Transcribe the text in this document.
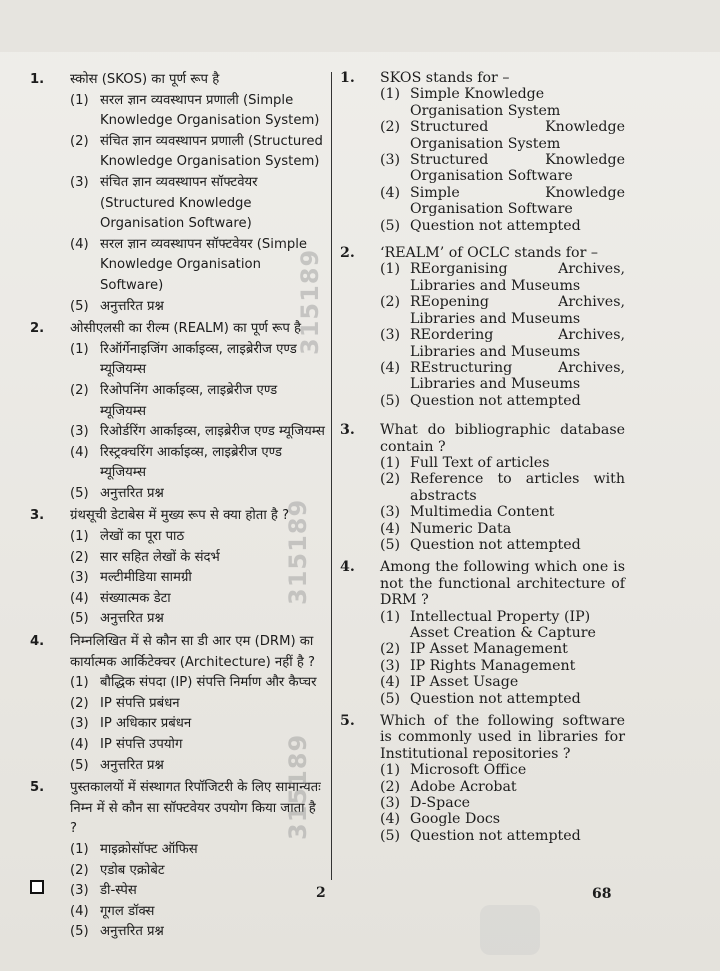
1. स्कोस (SKOS) का पूर्ण रूप है
(1) सरल ज्ञान व्यवस्थापन प्रणाली (Simple Knowledge Organisation System)
(2) संचित ज्ञान व्यवस्थापन प्रणाली (Structured Knowledge Organisation System)
(3) संचित ज्ञान व्यवस्थापन सॉफ्टवेयर (Structured Knowledge Organisation Software)
(4) सरल ज्ञान व्यवस्थापन सॉफ्टवेयर (Simple Knowledge Organisation Software)
(5) अनुत्तरित प्रश्न
2. ओसीएलसी का रील्म (REALM) का पूर्ण रूप है
(1) रिऑर्गेनाइजिंग आर्काइव्स, लाइब्रेरीज एण्ड म्यूजियम्स
(2) रिओपनिंग आर्काइव्स, लाइब्रेरीज एण्ड म्यूजियम्स
(3) रिओर्डरिंग आर्काइव्स, लाइब्रेरीज एण्ड म्यूजियम्स
(4) रिस्ट्रक्चरिंग आर्काइव्स, लाइब्रेरीज एण्ड म्यूजियम्स
(5) अनुत्तरित प्रश्न
3. ग्रंथसूची डेटाबेस में मुख्य रूप से क्या होता है ?
(1) लेखों का पूरा पाठ
(2) सार सहित लेखों के संदर्भ
(3) मल्टीमीडिया सामग्री
(4) संख्यात्मक डेटा
(5) अनुत्तरित प्रश्न
4. निम्नलिखित में से कौन सा डी आर एम (DRM) का कार्यात्मक आर्किटेक्चर (Architecture) नहीं है ?
(1) बौद्धिक संपदा (IP) संपत्ति निर्माण और कैप्चर
(2) IP संपत्ति प्रबंधन
(3) IP अधिकार प्रबंधन
(4) IP संपत्ति उपयोग
(5) अनुत्तरित प्रश्न
5. पुस्तकालयों में संस्थागत रिपॉजिटरी के लिए सामान्यतः निम्न में से कौन सा सॉफ्टवेयर उपयोग किया जाता है ?
(1) माइक्रोसॉफ्ट ऑफिस
(2) एडोब एक्रोबेट
(3) डी-स्पेस
(4) गूगल डॉक्स
(5) अनुत्तरित प्रश्न
1. SKOS stands for –
(1) Simple Knowledge Organisation System
(2) Structured Knowledge Organisation System
(3) Structured Knowledge Organisation Software
(4) Simple Knowledge Organisation Software
(5) Question not attempted
2. ‘REALM’ of OCLC stands for –
(1) REorganising Archives, Libraries and Museums
(2) REopening Archives, Libraries and Museums
(3) REordering Archives, Libraries and Museums
(4) REstructuring Archives, Libraries and Museums
(5) Question not attempted
3. What do bibliographic database contain ?
(1) Full Text of articles
(2) Reference to articles with abstracts
(3) Multimedia Content
(4) Numeric Data
(5) Question not attempted
4. Among the following which one is not the functional architecture of DRM ?
(1) Intellectual Property (IP) Asset Creation & Capture
(2) IP Asset Management
(3) IP Rights Management
(4) IP Asset Usage
(5) Question not attempted
5. Which of the following software is commonly used in libraries for Institutional repositories ?
(1) Microsoft Office
(2) Adobe Acrobat
(3) D-Space
(4) Google Docs
(5) Question not attempted
315189
315189
315189
2	68
